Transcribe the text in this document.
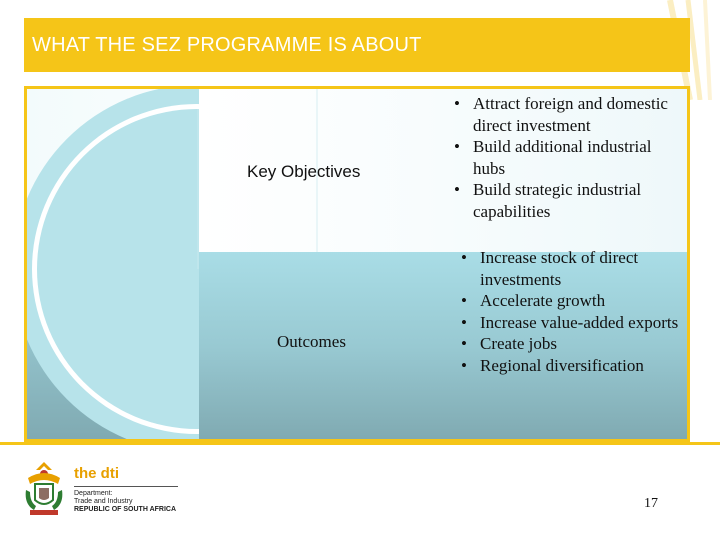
WHAT THE SEZ PROGRAMME IS ABOUT
Key Objectives
Outcomes
• Attract foreign and domestic direct investment
• Build additional industrial hubs
• Build strategic industrial capabilities
• Increase stock of direct investments
• Accelerate growth
• Increase value-added exports
• Create jobs
• Regional diversification
the dti
Department:
Trade and Industry
REPUBLIC OF SOUTH AFRICA	17
